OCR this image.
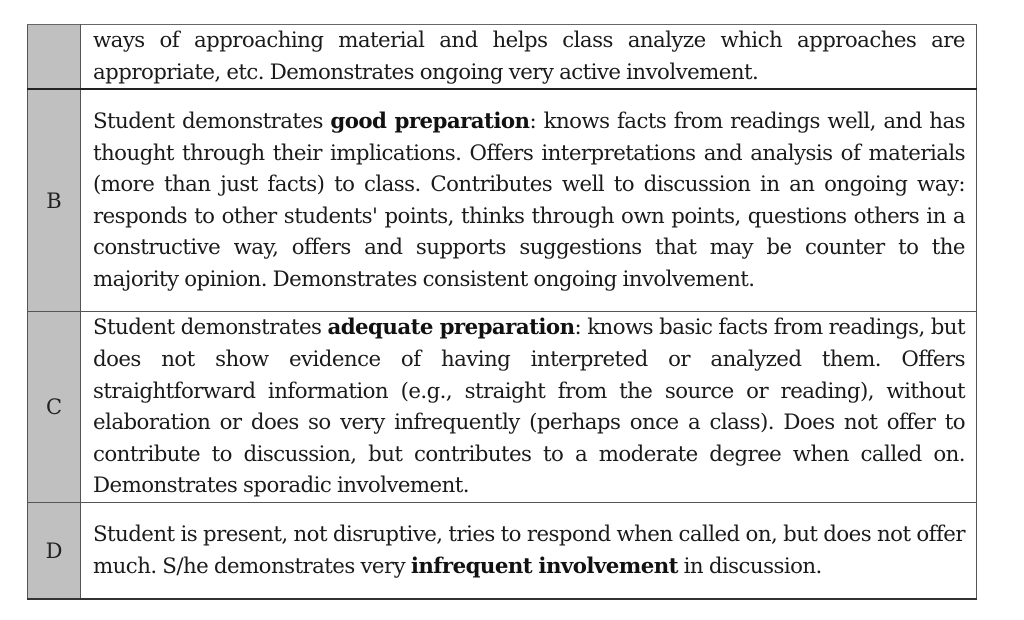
	ways of approaching material and helps class analyze which approaches are appropriate, etc. Demonstrates ongoing very active involvement.
B	Student demonstrates good preparation: knows facts from readings well, and has thought through their implications. Offers interpretations and analysis of materials (more than just facts) to class. Contributes well to discussion in an ongoing way: responds to other students' points, thinks through own points, questions others in a constructive way, offers and supports suggestions that may be counter to the majority opinion. Demonstrates consistent ongoing involvement.
C	Student demonstrates adequate preparation: knows basic facts from readings, but does not show evidence of having interpreted or analyzed them. Offers straightforward information (e.g., straight from the source or reading), without elaboration or does so very infrequently (perhaps once a class). Does not offer to contribute to discussion, but contributes to a moderate degree when called on. Demonstrates sporadic involvement.
D	Student is present, not disruptive, tries to respond when called on, but does not offer much. S/he demonstrates very infrequent involvement in discussion.
